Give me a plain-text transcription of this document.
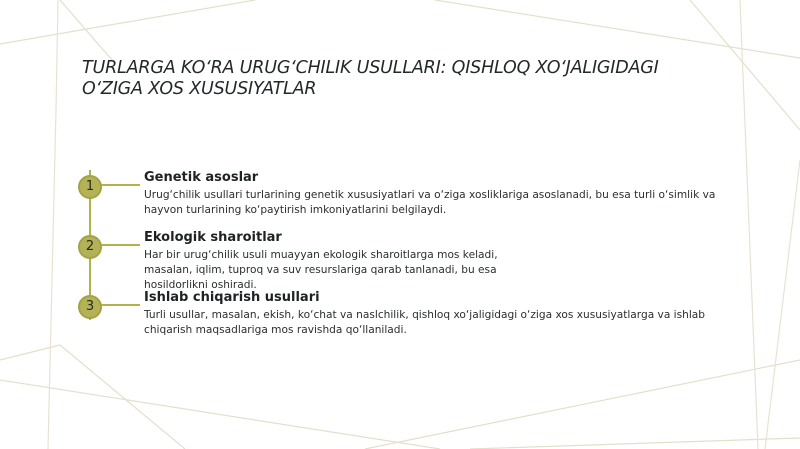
TURLARGA KO‘RA URUG‘CHILIK USULLARI: QISHLOQ XO‘JALIGIDAGI O‘ZIGA XOS XUSUSIYATLAR
1
Genetik asoslar

Urug‘chilik usullari turlarining genetik xususiyatlari va o‘ziga xosliklariga asoslanadi, bu esa turli o‘simlik va hayvon turlarining ko‘paytirish imkoniyatlarini belgilaydi.

2
Ekologik sharoitlar

Har bir urug‘chilik usuli muayyan ekologik sharoitlarga mos keladi, masalan, iqlim, tuproq va suv resurslariga qarab tanlanadi, bu esa hosildorlikni oshiradi.

3
Ishlab chiqarish usullari

Turli usullar, masalan, ekish, ko‘chat va naslchilik, qishloq xo‘jaligidagi o‘ziga xos xususiyatlarga va ishlab chiqarish maqsadlariga mos ravishda qo‘llaniladi.
